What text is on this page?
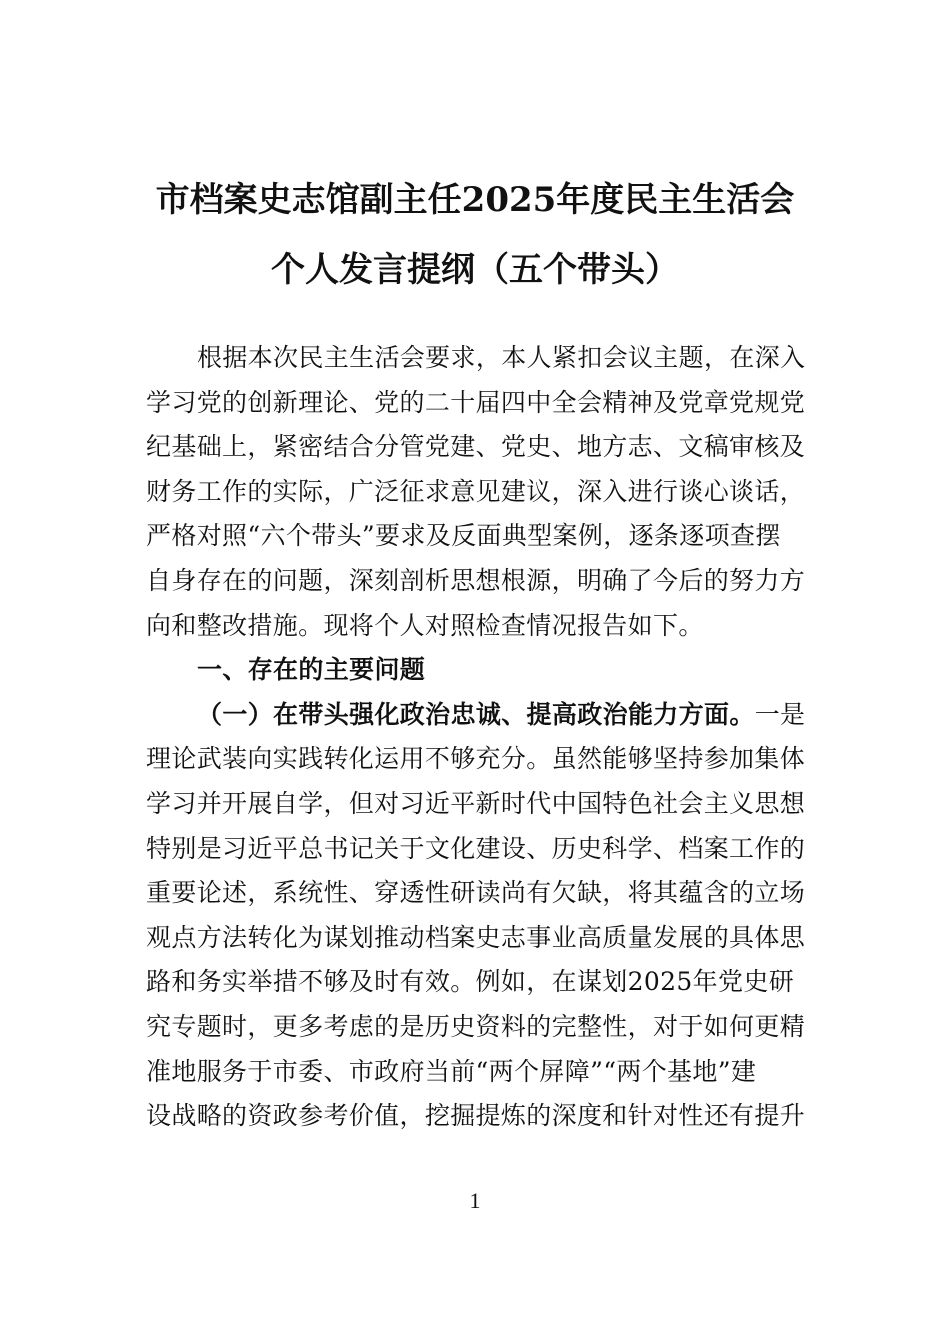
市档案史志馆副主任2025年度民主生活会
个人发言提纲（五个带头）
根据本次民主生活会要求，本人紧扣会议主题，在深入
学习党的创新理论、党的二十届四中全会精神及党章党规党
纪基础上，紧密结合分管党建、党史、地方志、文稿审核及
财务工作的实际，广泛征求意见建议，深入进行谈心谈话，
严格对照“六个带头”要求及反面典型案例，逐条逐项查摆
自身存在的问题，深刻剖析思想根源，明确了今后的努力方
向和整改措施。现将个人对照检查情况报告如下。
一、存在的主要问题
（一）在带头强化政治忠诚、提高政治能力方面。一是
理论武装向实践转化运用不够充分。虽然能够坚持参加集体
学习并开展自学，但对习近平新时代中国特色社会主义思想
特别是习近平总书记关于文化建设、历史科学、档案工作的
重要论述，系统性、穿透性研读尚有欠缺，将其蕴含的立场
观点方法转化为谋划推动档案史志事业高质量发展的具体思
路和务实举措不够及时有效。例如，在谋划2025年党史研
究专题时，更多考虑的是历史资料的完整性，对于如何更精
准地服务于市委、市政府当前“两个屏障”“两个基地”建
设战略的资政参考价值，挖掘提炼的深度和针对性还有提升
1
